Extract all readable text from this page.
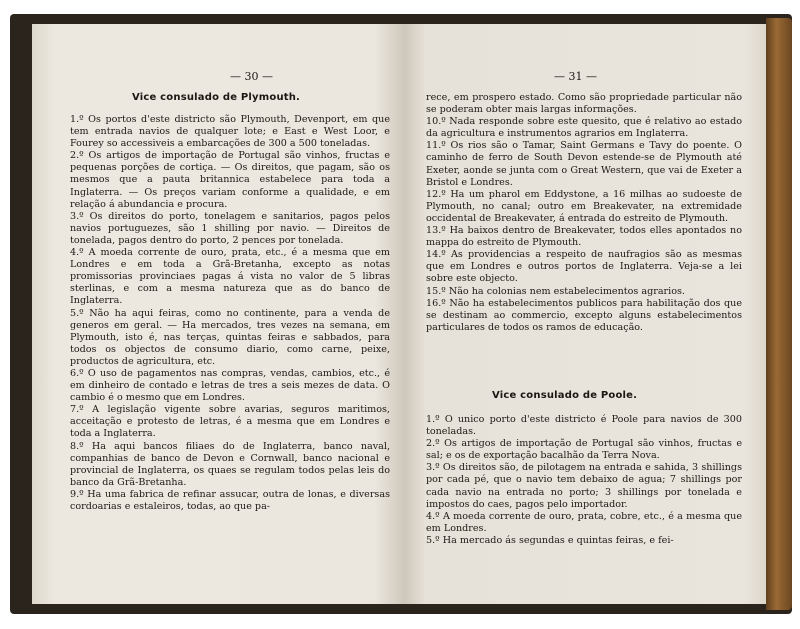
— 30 —
Vice consulado de Plymouth.

1.º Os portos d'este districto são Plymouth, Devenport, em que tem entrada navios de qualquer lote; e East e West Loor, e Fourey so accessiveis a embarcações de 300 a 500 toneladas.

2.º Os artigos de importação de Portugal são vinhos, fructas e pequenas porções de cortiça. — Os direitos, que pagam, são os mesmos que a pauta britannica estabelece para toda a Inglaterra. — Os preços variam conforme a qualidade, e em relação á abundancia e procura.

3.º Os direitos do porto, tonelagem e sanitarios, pagos pelos navios portuguezes, são 1 shilling por navio. — Direitos de tonelada, pagos dentro do porto, 2 pences por tonelada.

4.º A moeda corrente de ouro, prata, etc., é a mesma que em Londres e em toda a Grã-Bretanha, excepto as notas promissorias provinciaes pagas á vista no valor de 5 libras sterlinas, e com a mesma natureza que as do banco de Inglaterra.

5.º Não ha aqui feiras, como no continente, para a venda de generos em geral. — Ha mercados, tres vezes na semana, em Plymouth, isto é, nas terças, quintas feiras e sabbados, para todos os objectos de consumo diario, como carne, peixe, productos de agricultura, etc.

6.º O uso de pagamentos nas compras, vendas, cambios, etc., é em dinheiro de contado e letras de tres a seis mezes de data. O cambio é o mesmo que em Londres.

7.º A legislação vigente sobre avarias, seguros maritimos, acceitação e protesto de letras, é a mesma que em Londres e toda a Inglaterra.

8.º Ha aqui bancos filiaes do de Inglaterra, banco naval, companhias de banco de Devon e Cornwall, banco nacional e provincial de Inglaterra, os quaes se regulam todos pelas leis do banco da Grã-Bretanha.

9.º Ha uma fabrica de refinar assucar, outra de lonas, e diversas cordoarias e estaleiros, todas, ao que pa-

— 31 —

rece, em prospero estado. Como são propriedade particular não se poderam obter mais largas informações.

10.º Nada responde sobre este quesito, que é relativo ao estado da agricultura e instrumentos agrarios em Inglaterra.

11.º Os rios são o Tamar, Saint Germans e Tavy do poente. O caminho de ferro de South Devon estende-se de Plymouth até Exeter, aonde se junta com o Great Western, que vai de Exeter a Bristol e Londres.

12.º Ha um pharol em Eddystone, a 16 milhas ao sudoeste de Plymouth, no canal; outro em Breakevater, na extremidade occidental de Breakevater, á entrada do estreito de Plymouth.

13.º Ha baixos dentro de Breakevater, todos elles apontados no mappa do estreito de Plymouth.

14.º As providencias a respeito de naufragios são as mesmas que em Londres e outros portos de Inglaterra. Veja-se a lei sobre este objecto.

15.º Não ha colonias nem estabelecimentos agrarios.

16.º Não ha estabelecimentos publicos para habilitação dos que se destinam ao commercio, excepto alguns estabelecimentos particulares de todos os ramos de educação.

Vice consulado de Poole.

1.º O unico porto d'este districto é Poole para navios de 300 toneladas.

2.º Os artigos de importação de Portugal são vinhos, fructas e sal; e os de exportação bacalhão da Terra Nova.

3.º Os direitos são, de pilotagem na entrada e sahida, 3 shillings por cada pé, que o navio tem debaixo de agua; 7 shillings por cada navio na entrada no porto; 3 shillings por tonelada e impostos do caes, pagos pelo importador.

4.º A moeda corrente de ouro, prata, cobre, etc., é a mesma que em Londres.

5.º Ha mercado ás segundas e quintas feiras, e fei-
